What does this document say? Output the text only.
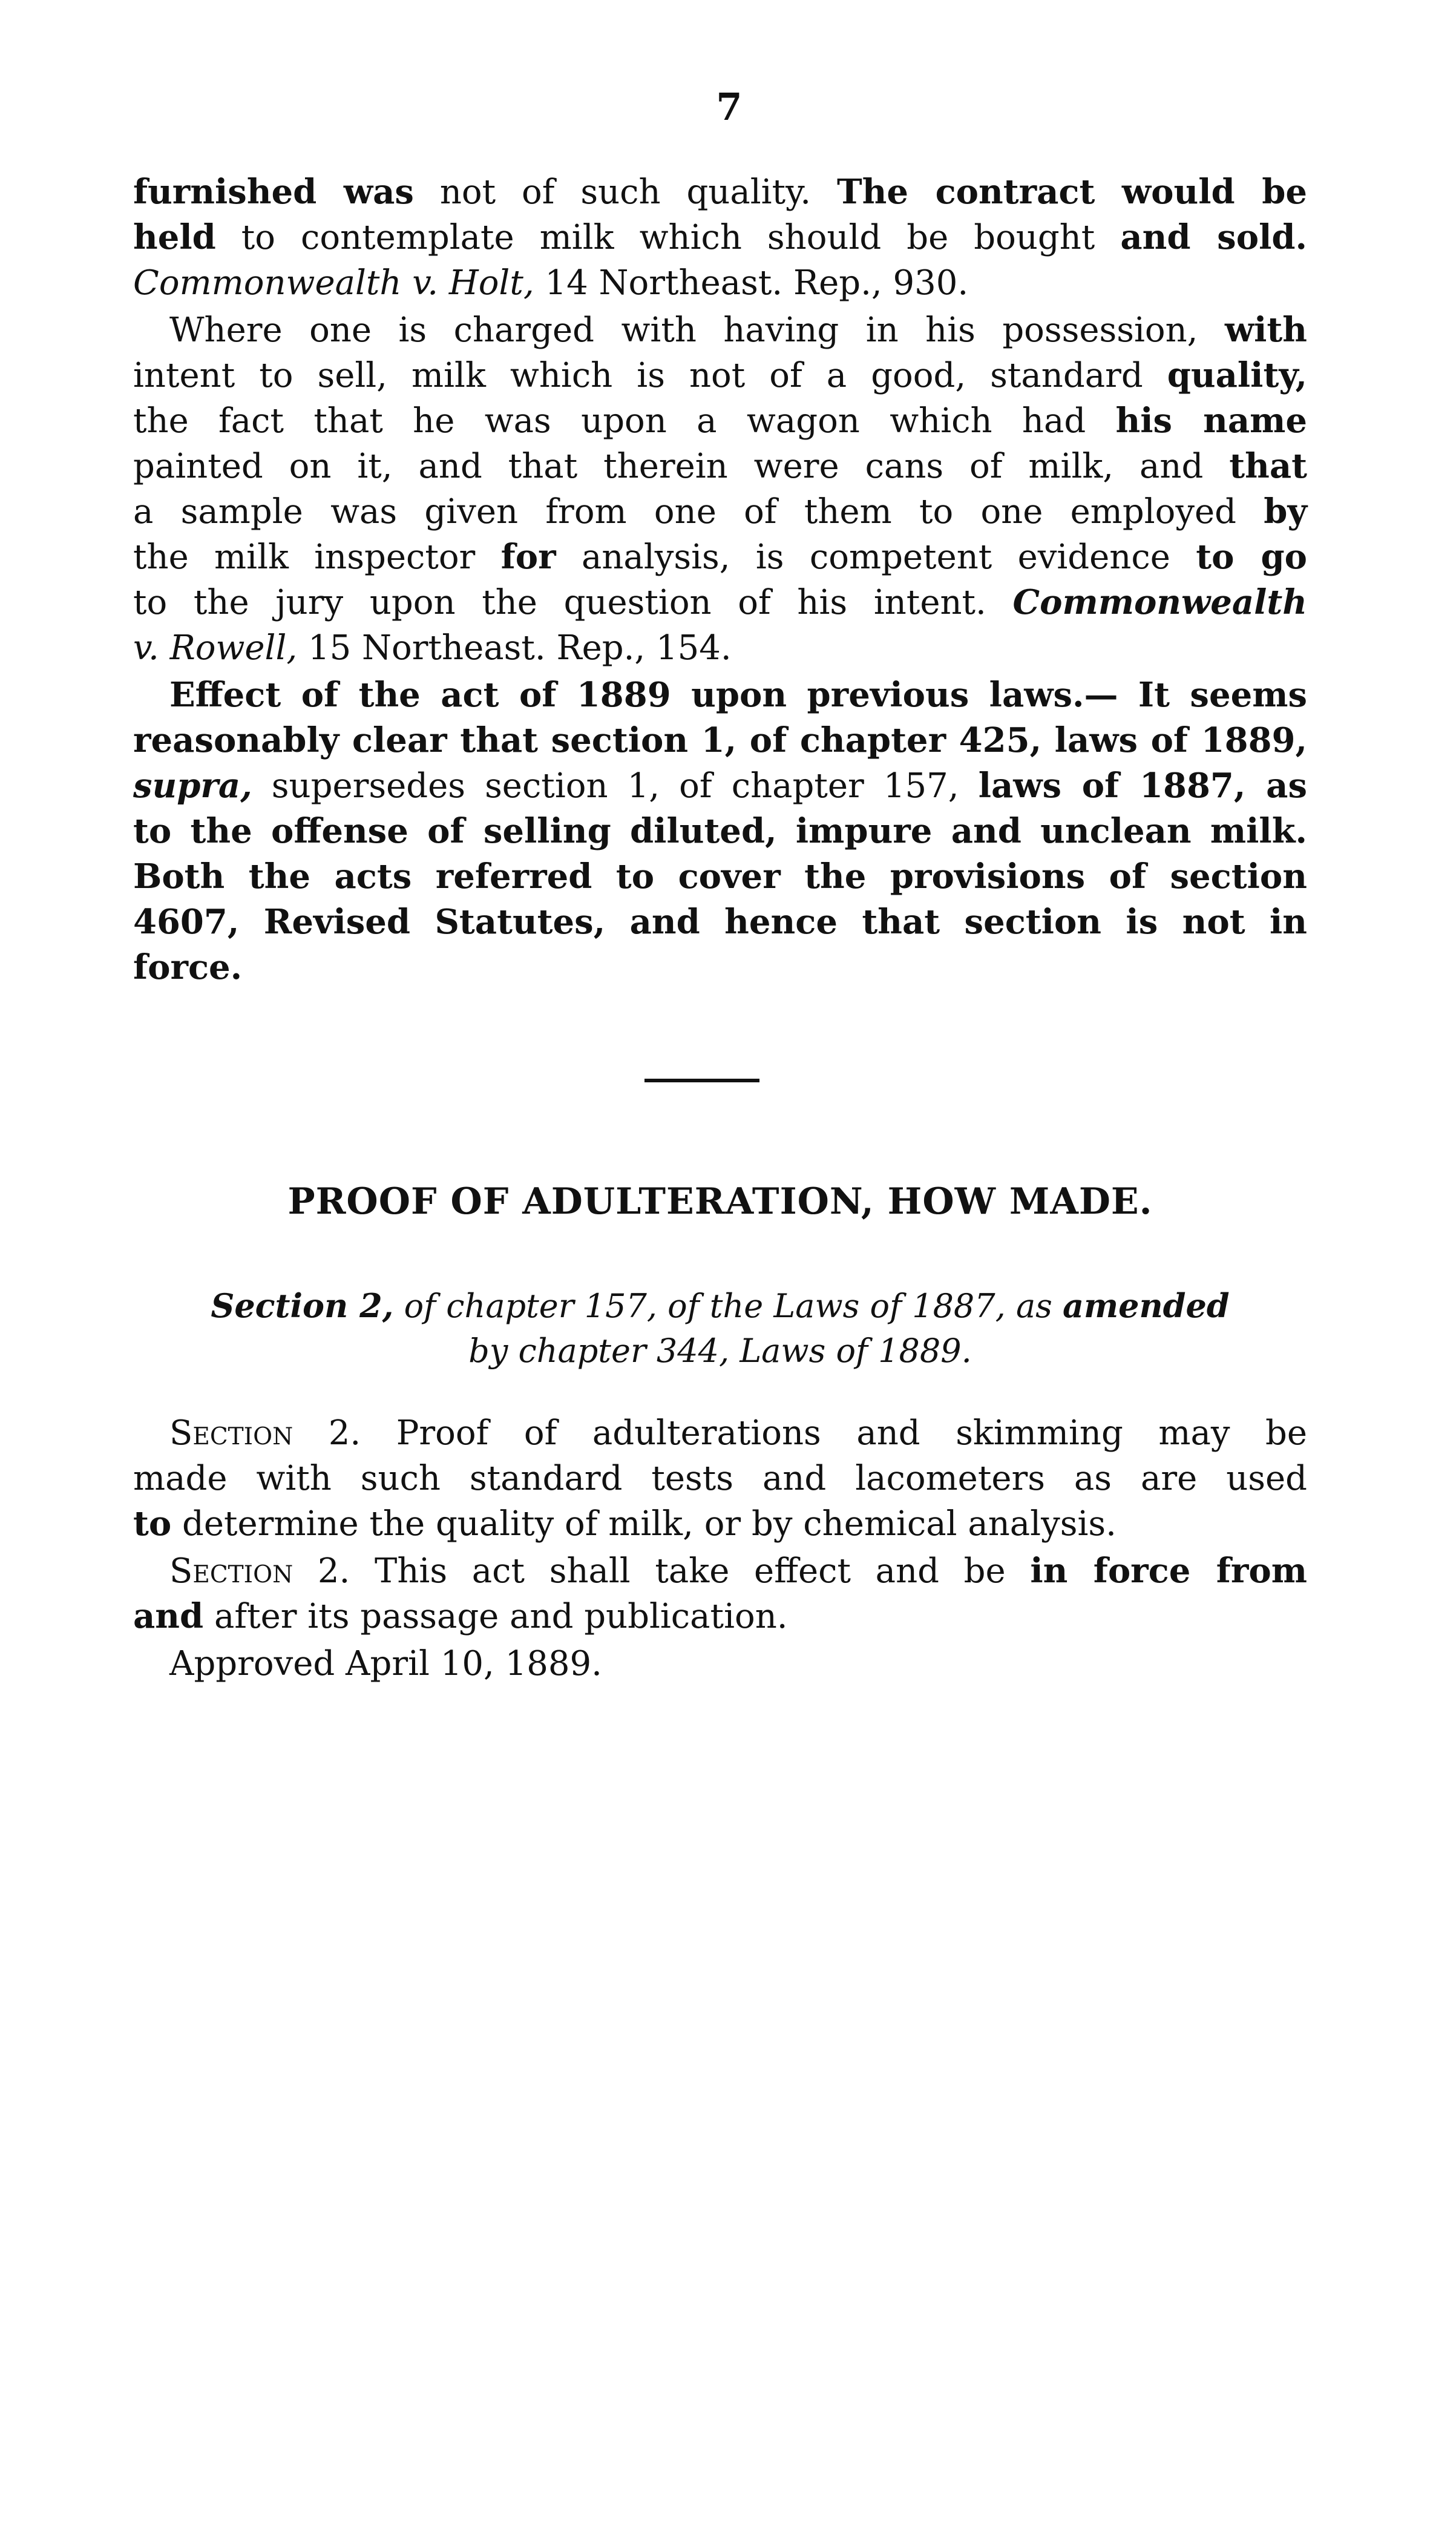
7
furnished was not of such quality. The contract would be
held to contemplate milk which should be bought and sold.
Commonwealth v. Holt, 14 Northeast. Rep., 930.
Where one is charged with having in his possession, with
intent to sell, milk which is not of a good, standard quality,
the fact that he was upon a wagon which had his name
painted on it, and that therein were cans of milk, and that
a sample was given from one of them to one employed by
the milk inspector for analysis, is competent evidence to go
to the jury upon the question of his intent. Commonwealth
v. Rowell, 15 Northeast. Rep., 154.
Effect of the act of 1889 upon previous laws.— It seems
reasonably clear that section 1, of chapter 425, laws of 1889,
supra, supersedes section 1, of chapter 157, laws of 1887, as
to the offense of selling diluted, impure and unclean milk.
Both the acts referred to cover the provisions of section
4607, Revised Statutes, and hence that section is not in
force.
PROOF OF ADULTERATION, HOW MADE.
Section 2, of chapter 157, of the Laws of 1887, as amended
by chapter 344, Laws of 1889.
Section 2. Proof of adulterations and skimming may be
made with such standard tests and lacometers as are used
to determine the quality of milk, or by chemical analysis.
Section 2. This act shall take effect and be in force from
and after its passage and publication.
Approved April 10, 1889.
